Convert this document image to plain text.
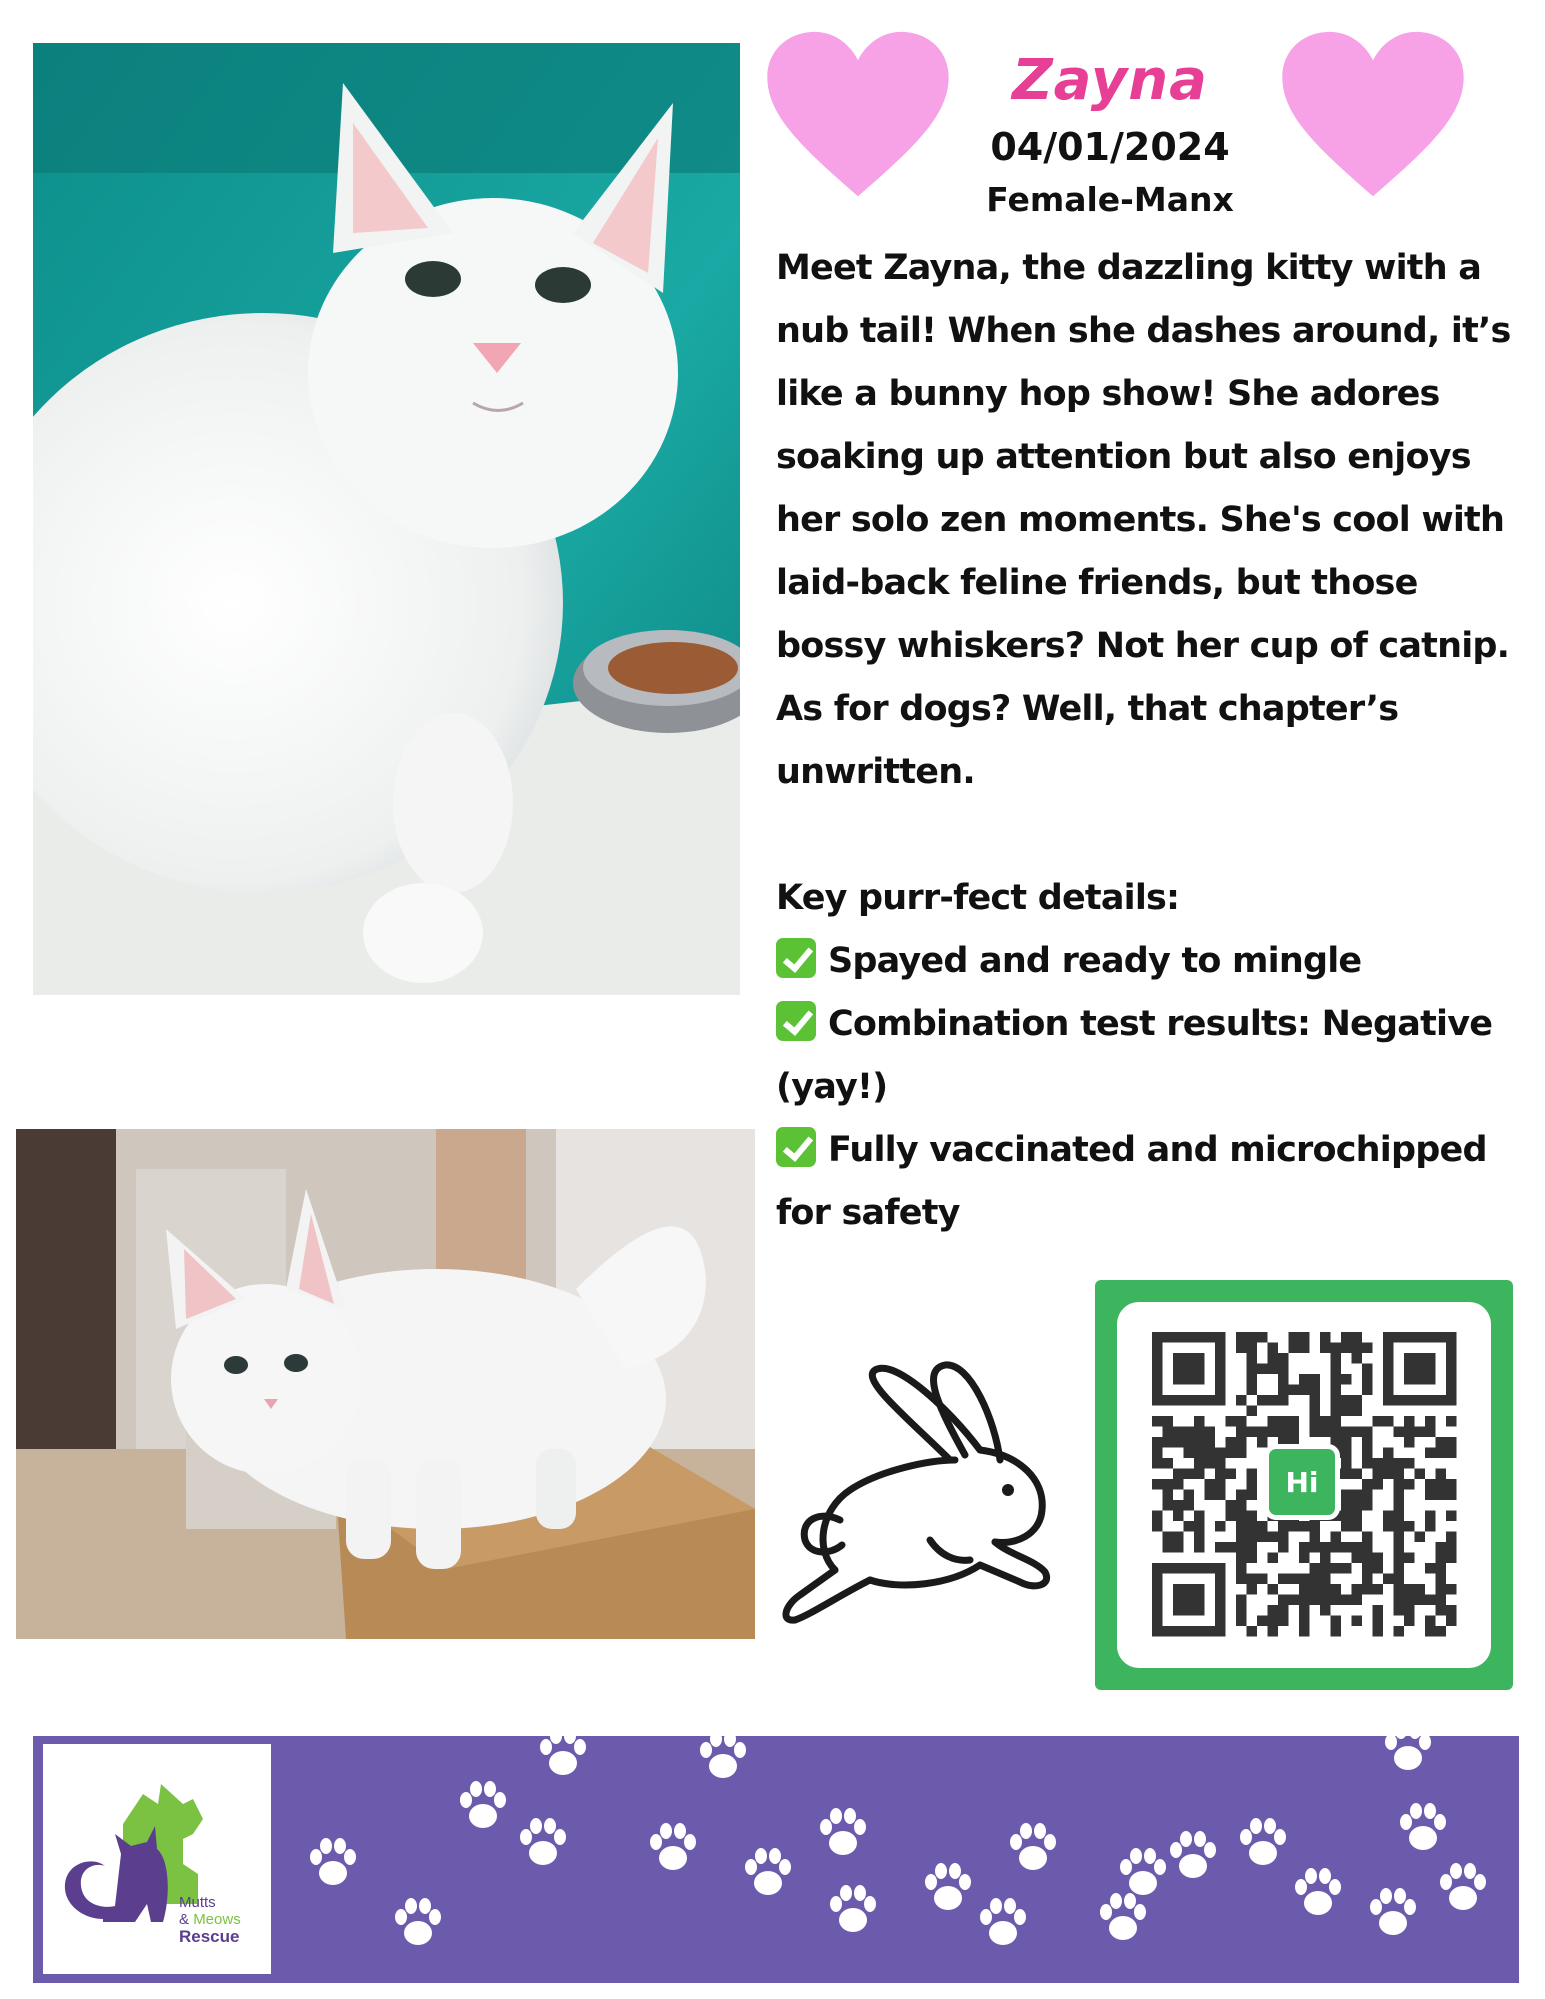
Zayna
04/01/2024
Female-Manx

Meet Zayna, the dazzling kitty with a nub tail! When she dashes around, it’s like a bunny hop show! She adores soaking up attention but also enjoys her solo zen moments. She's cool with laid-back feline friends, but those bossy whiskers? Not her cup of catnip. As for dogs? Well, that chapter’s unwritten.

Key purr-fect details:

Spayed and ready to mingle

Combination test results: Negative (yay!)

Fully vaccinated and microchipped for safety

Hi
Mutts
& Meows
Rescue
